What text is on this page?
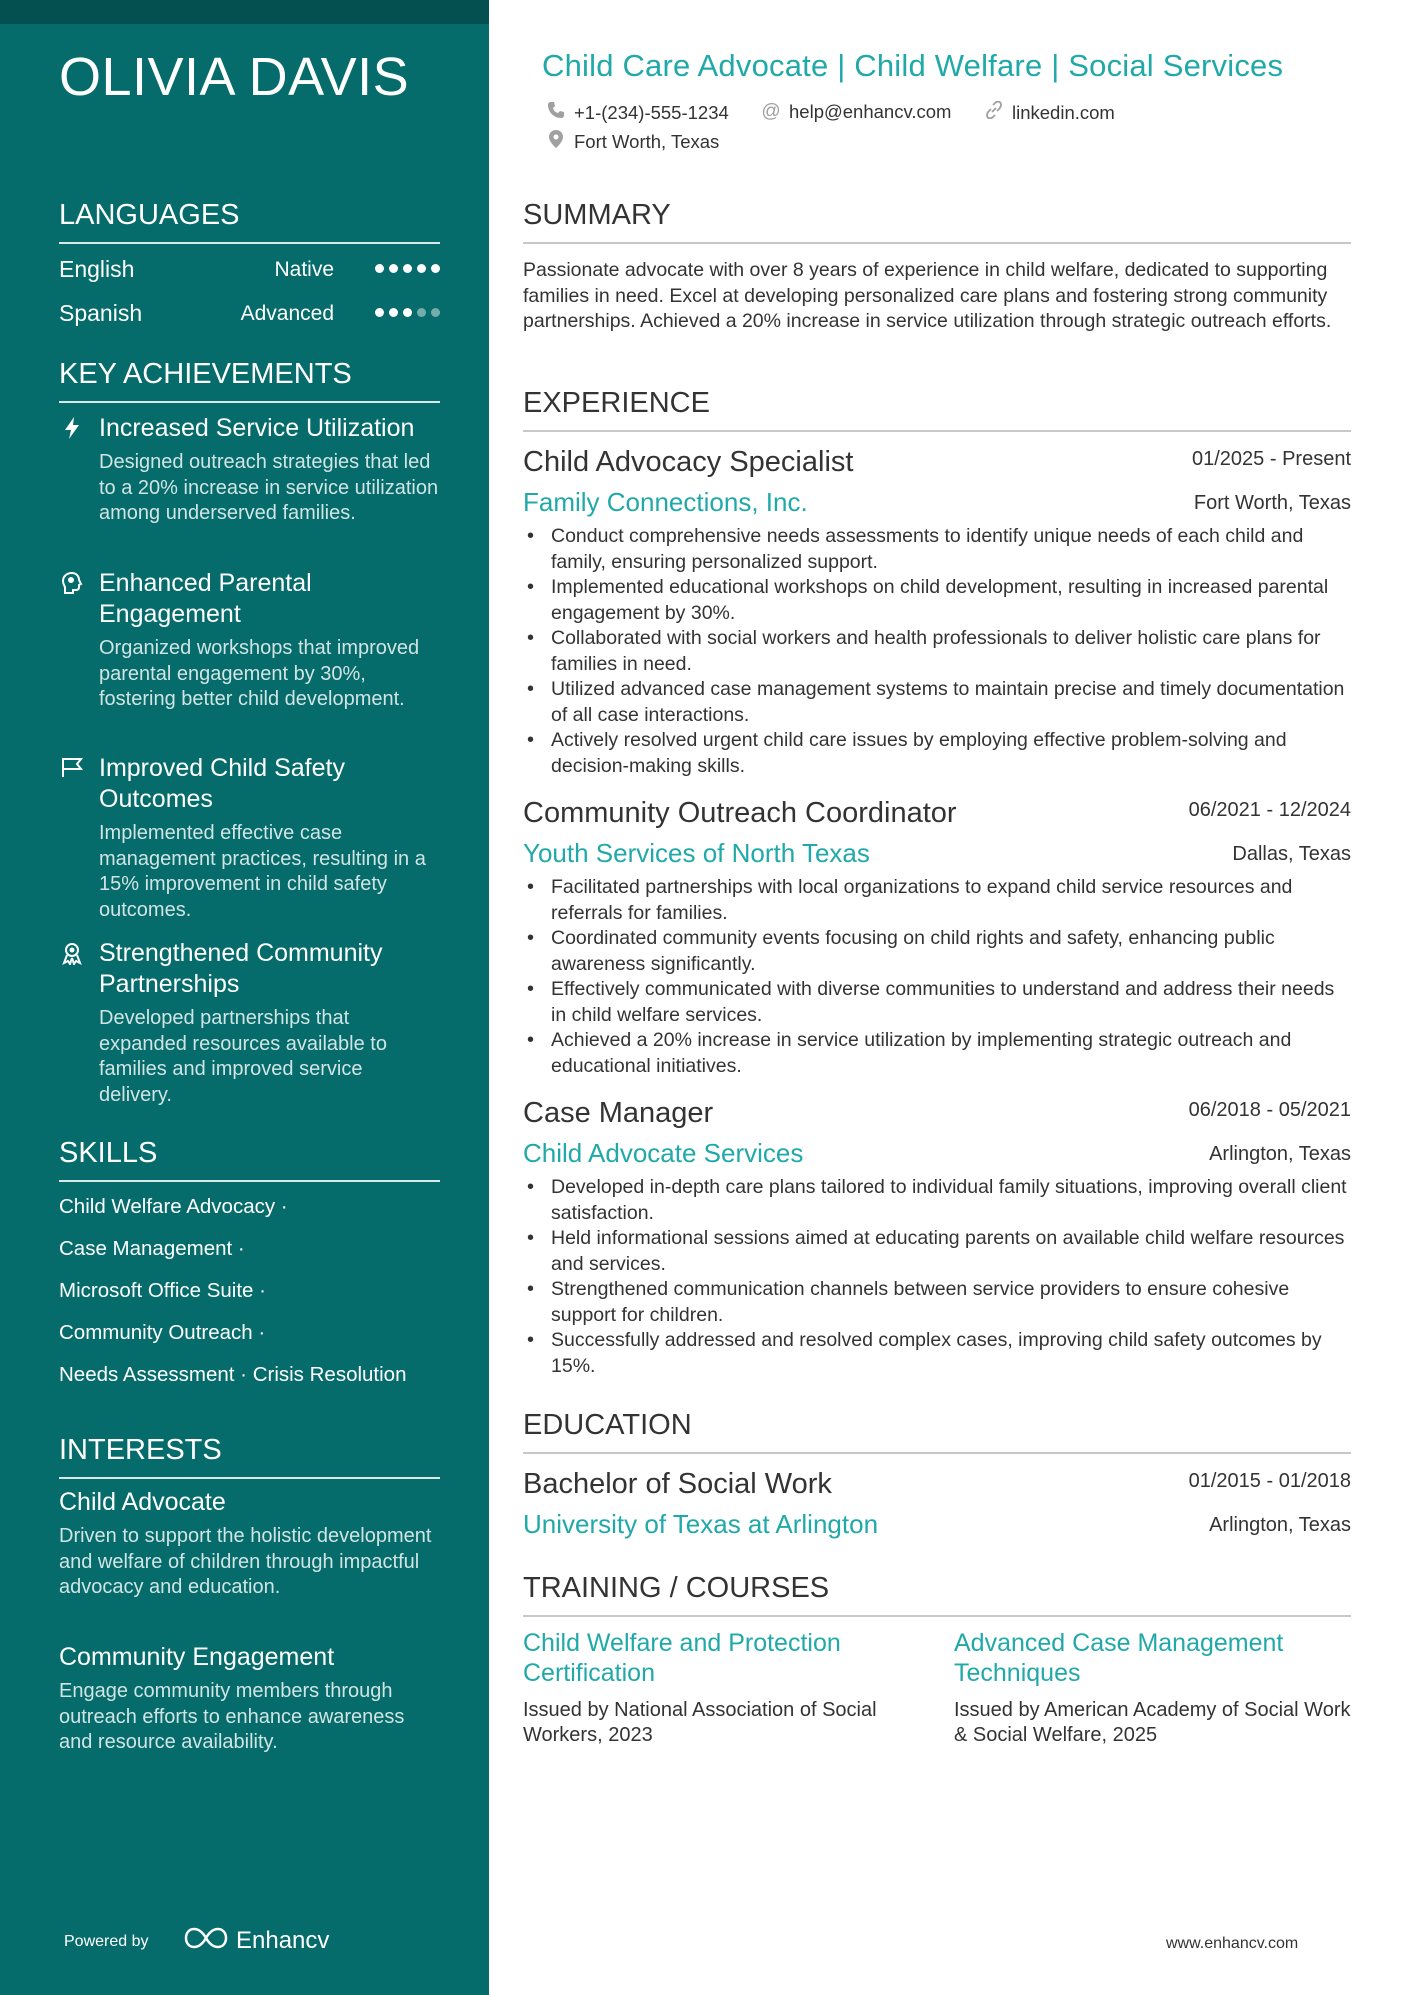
OLIVIA DAVIS
LANGUAGES
English	Native
Spanish	Advanced
KEY ACHIEVEMENTS
Increased Service Utilization
Designed outreach strategies that led to a 20% increase in service utilization among underserved families.
Enhanced Parental Engagement
Organized workshops that improved parental engagement by 30%, fostering better child development.
Improved Child Safety Outcomes
Implemented effective case management practices, resulting in a 15% improvement in child safety outcomes.
Strengthened Community Partnerships
Developed partnerships that expanded resources available to families and improved service delivery.
SKILLS
Child Welfare Advocacy ·
Case Management ·
Microsoft Office Suite ·
Community Outreach ·
Needs Assessment · Crisis Resolution
INTERESTS
Child Advocate
Driven to support the holistic development and welfare of children through impactful advocacy and education.
Community Engagement
Engage community members through outreach efforts to enhance awareness and resource availability.
Powered by	Enhancv
Child Care Advocate | Child Welfare | Social Services
+1-(234)-555-1234 @ help@enhancv.com	linkedin.com
Fort Worth, Texas
SUMMARY
Passionate advocate with over 8 years of experience in child welfare, dedicated to supporting families in need. Excel at developing personalized care plans and fostering strong community partnerships. Achieved a 20% increase in service utilization through strategic outreach efforts.
EXPERIENCE
Child Advocacy Specialist	01/2025 - Present
Family Connections, Inc.	Fort Worth, Texas
• Conduct comprehensive needs assessments to identify unique needs of each child and family, ensuring personalized support.
• Implemented educational workshops on child development, resulting in increased parental engagement by 30%.
• Collaborated with social workers and health professionals to deliver holistic care plans for families in need.
• Utilized advanced case management systems to maintain precise and timely documentation of all case interactions.
• Actively resolved urgent child care issues by employing effective problem-solving and decision-making skills.
Community Outreach Coordinator	06/2021 - 12/2024
Youth Services of North Texas	Dallas, Texas
• Facilitated partnerships with local organizations to expand child service resources and referrals for families.
• Coordinated community events focusing on child rights and safety, enhancing public awareness significantly.
• Effectively communicated with diverse communities to understand and address their needs in child welfare services.
• Achieved a 20% increase in service utilization by implementing strategic outreach and educational initiatives.
Case Manager	06/2018 - 05/2021
Child Advocate Services	Arlington, Texas
• Developed in-depth care plans tailored to individual family situations, improving overall client satisfaction.
• Held informational sessions aimed at educating parents on available child welfare resources and services.
• Strengthened communication channels between service providers to ensure cohesive support for children.
• Successfully addressed and resolved complex cases, improving child safety outcomes by 15%.
EDUCATION
Bachelor of Social Work	01/2015 - 01/2018
University of Texas at Arlington	Arlington, Texas
TRAINING / COURSES
Child Welfare and Protection Certification
Issued by National Association of Social Workers, 2023
Advanced Case Management Techniques
Issued by American Academy of Social Work & Social Welfare, 2025
www.enhancv.com
